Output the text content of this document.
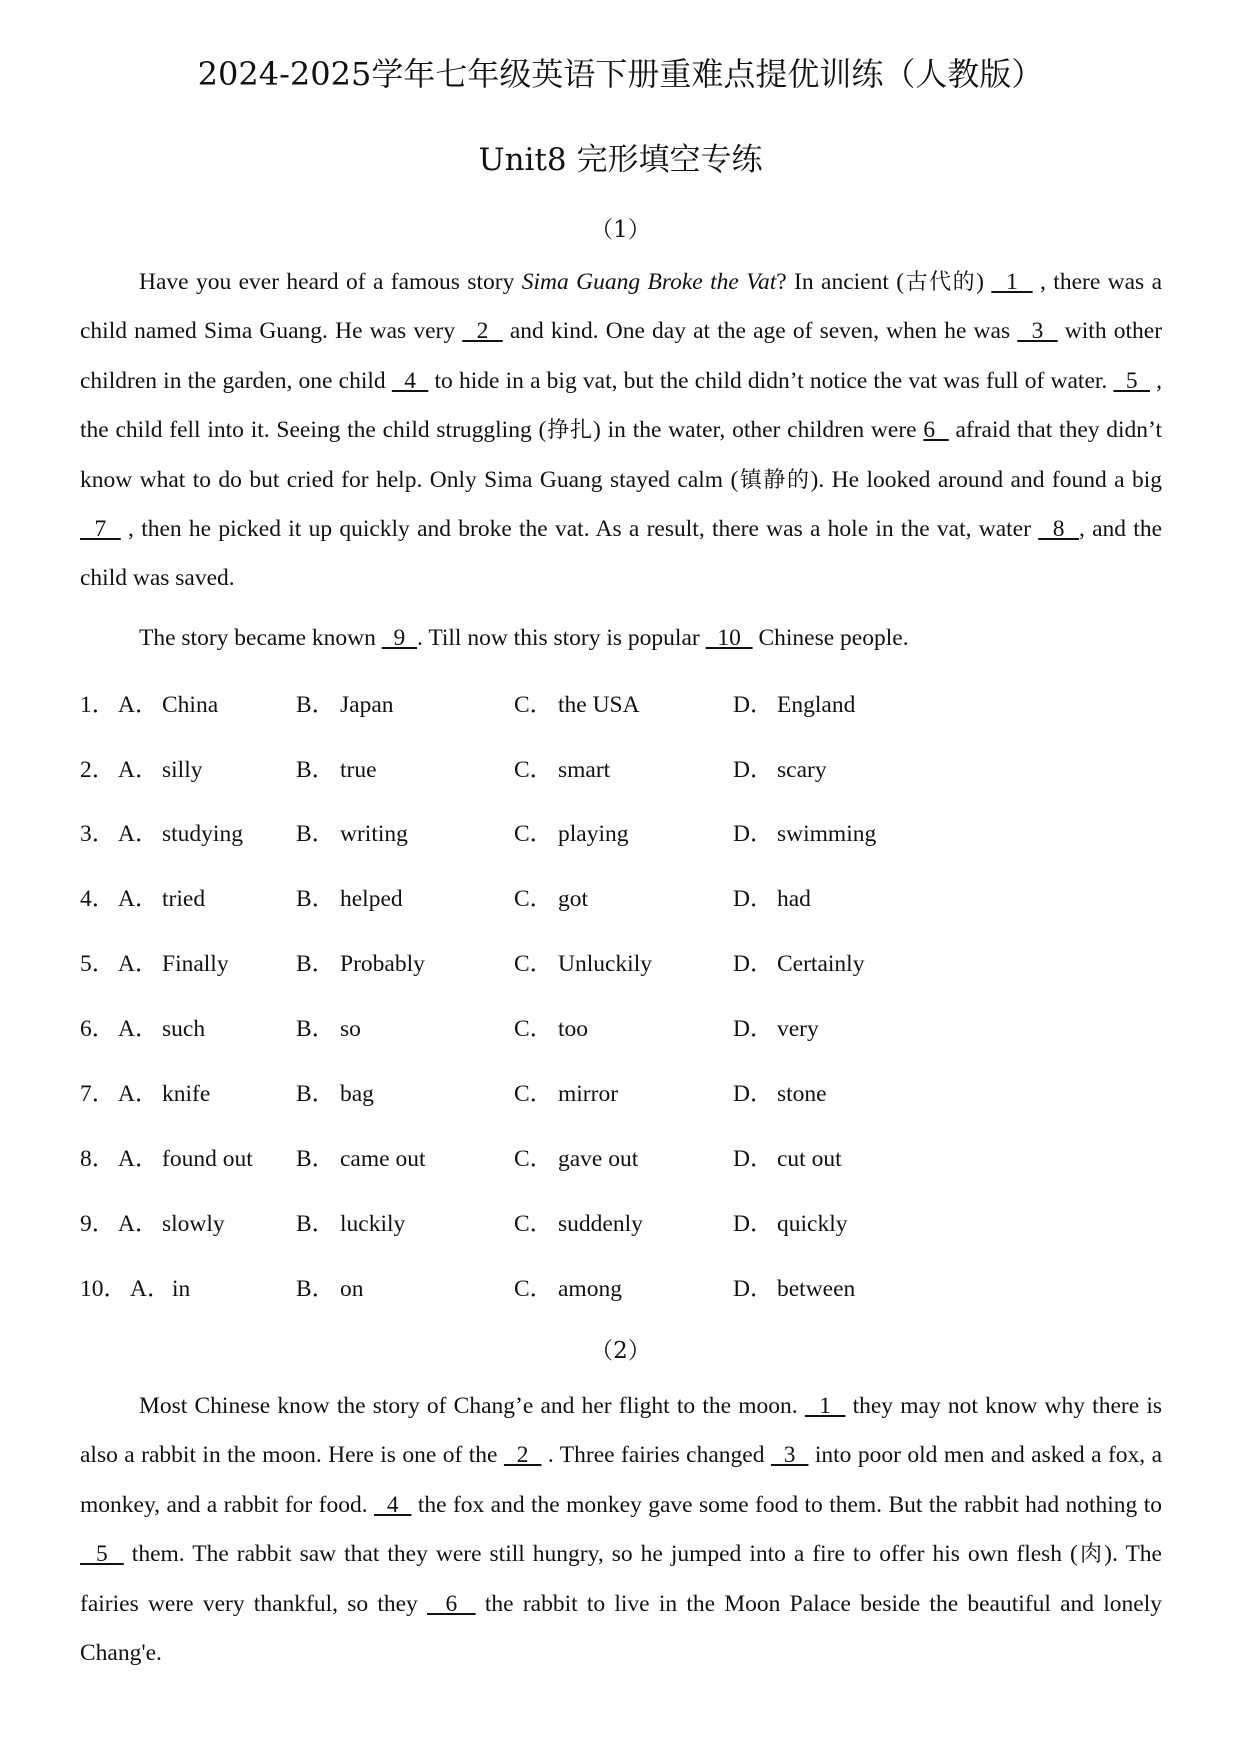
2024-2025学年七年级英语下册重难点提优训练（人教版）
Unit8 完形填空专练
（1）
Have you ever heard of a famous story Sima Guang Broke the Vat? In ancient (古代的)   1   , there was a child named Sima Guang. He was very   2   and kind. One day at the age of seven, when he was   3   with other children in the garden, one child   4   to hide in a big vat, but the child didn’t notice the vat was full of water.   5   , the child fell into it. Seeing the child struggling (挣扎) in the water, other children were 6   afraid that they didn’t know what to do but cried for help. Only Sima Guang stayed calm (镇静的). He looked around and found a big   7   , then he picked it up quickly and broke the vat. As a result, there was a hole in the vat, water   8  , and the child was saved.
The story became known   9  . Till now this story is popular   10   Chinese people.
1． A． China	B． Japan	C． the USA	D． England
2． A． silly	B． true	C． smart	D． scary
3． A． studying B． writing	C． playing	D． swimming
4． A． tried	B． helped	C． got	D． had
5． A． Finally	B． Probably	C． Unluckily	D． Certainly
6． A． such	B． so	C． too	D． very
7． A． knife	B． bag	C． mirror	D． stone
8． A． found out B． came out	C． gave out	D． cut out
9． A． slowly	B． luckily	C． suddenly	D． quickly
10． A．in	B． on	C． among	D． between
（2）
Most Chinese know the story of Chang’e and her flight to the moon.   1   they may not know why there is also a rabbit in the moon. Here is one of the   2   . Three fairies changed   3   into poor old men and asked a fox, a monkey, and a rabbit for food.   4   the fox and the monkey gave some food to them. But the rabbit had nothing to   5   them. The rabbit saw that they were still hungry, so he jumped into a fire to offer his own flesh (肉). The fairies were very thankful, so they   6   the rabbit to live in the Moon Palace beside the beautiful and lonely Chang'e.
